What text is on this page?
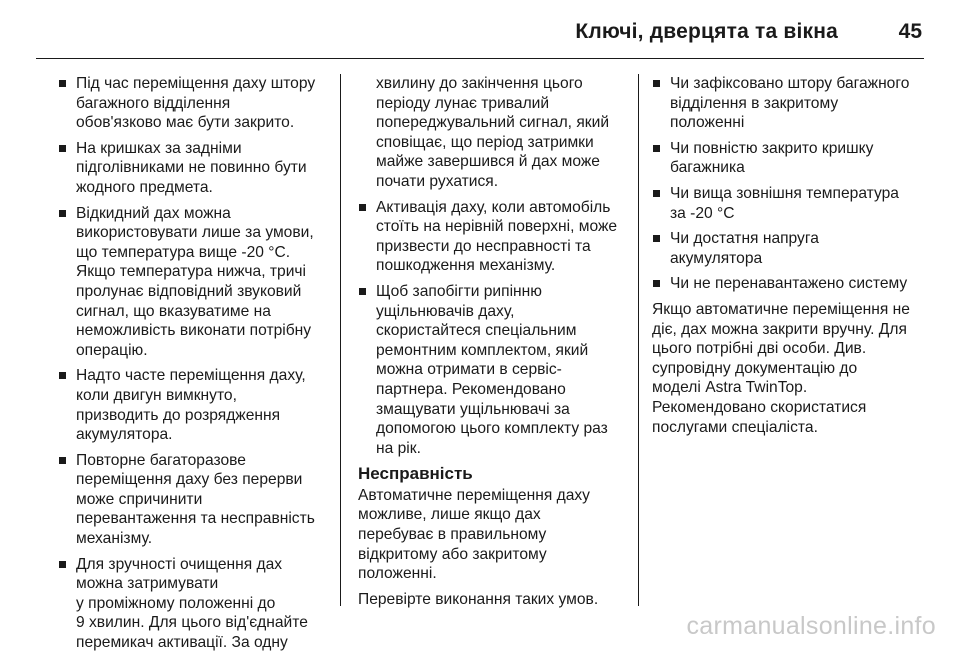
Ключі, дверцята та вікна	45
Під час переміщення даху штору
багажного відділення
обов'язково має бути закрито.
На кришках за задніми
підголівниками не повинно бути
жодного предмета.
Відкидний дах можна
використовувати лише за умови,
що температура вище -20 °C.
Якщо температура нижча, тричі
пролунає відповідний звуковий
сигнал, що вказуватиме на
неможливість виконати потрібну
операцію.
Надто часте переміщення даху,
коли двигун вимкнуто,
призводить до розрядження
акумулятора.
Повторне багаторазове
переміщення даху без перерви
може спричинити
перевантаження та несправність
механізму.
Для зручності очищення дах
можна затримувати
у проміжному положенні до
9 хвилин. Для цього від'єднайте
перемикач активації. За одну

хвилину до закінчення цього
періоду лунає тривалий
попереджувальний сигнал, який
сповіщає, що період затримки
майже завершився й дах може
почати рухатися.

Активація даху, коли автомобіль
стоїть на нерівній поверхні, може
призвести до несправності та
пошкодження механізму.
Щоб запобігти рипінню
ущільнювачів даху,
скористайтеся спеціальним
ремонтним комплектом, який
можна отримати в сервіс-
партнера. Рекомендовано
змащувати ущільнювачі за
допомогою цього комплекту раз
на рік.
Несправність

Автоматичне переміщення даху
можливе, лише якщо дах
перебуває в правильному
відкритому або закритому
положенні.

Перевірте виконання таких умов.

Чи зафіксовано штору багажного
відділення в закритому
положенні
Чи повністю закрито кришку
багажника
Чи вища зовнішня температура
за -20 °C
Чи достатня напруга
акумулятора
Чи не перенавантажено систему

Якщо автоматичне переміщення не
діє, дах можна закрити вручну. Для
цього потрібні дві особи. Див.
супровідну документацію до
моделі Astra TwinTop.
Рекомендовано скористатися
послугами спеціаліста.

carmanualsonline.info
